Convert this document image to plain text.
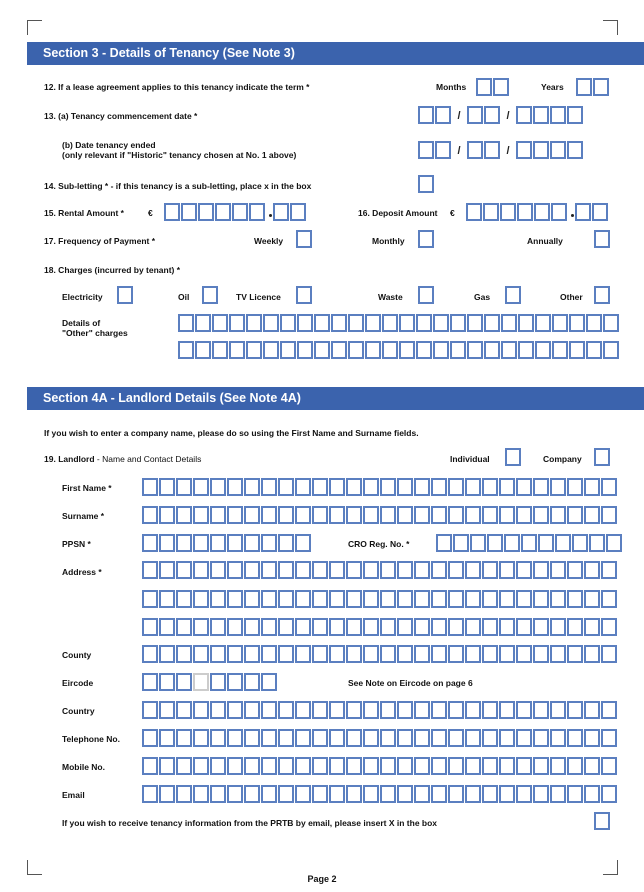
Section 3 - Details of Tenancy (See Note 3)
12. If a lease agreement applies to this tenancy indicate the term *	Months	Years
13. (a) Tenancy commencement date *	/	/
(b) Date tenancy ended
(only relevant if "Historic" tenancy chosen at No. 1 above)	/	/
14. Sub-letting * - if this tenancy is a sub-letting, place x in the box
15. Rental Amount *	€	16. Deposit Amount €
17. Frequency of Payment *	Weekly	Monthly	Annually
18. Charges (incurred by tenant) *
Electricity	Oil	TV Licence	Waste	Gas	Other
Details of
"Other" charges
Section 4A - Landlord Details (See Note 4A)
If you wish to enter a company name, please do so using the First Name and Surname fields.
19. Landlord - Name and Contact Details	Individual	Company
First Name *
Surname *
PPSN *	CRO Reg. No. *
Address *
County
Eircode	See Note on Eircode on page 6
Country
Telephone No.
Mobile No.
Email
If you wish to receive tenancy information from the PRTB by email, please insert X in the box
Page 2
